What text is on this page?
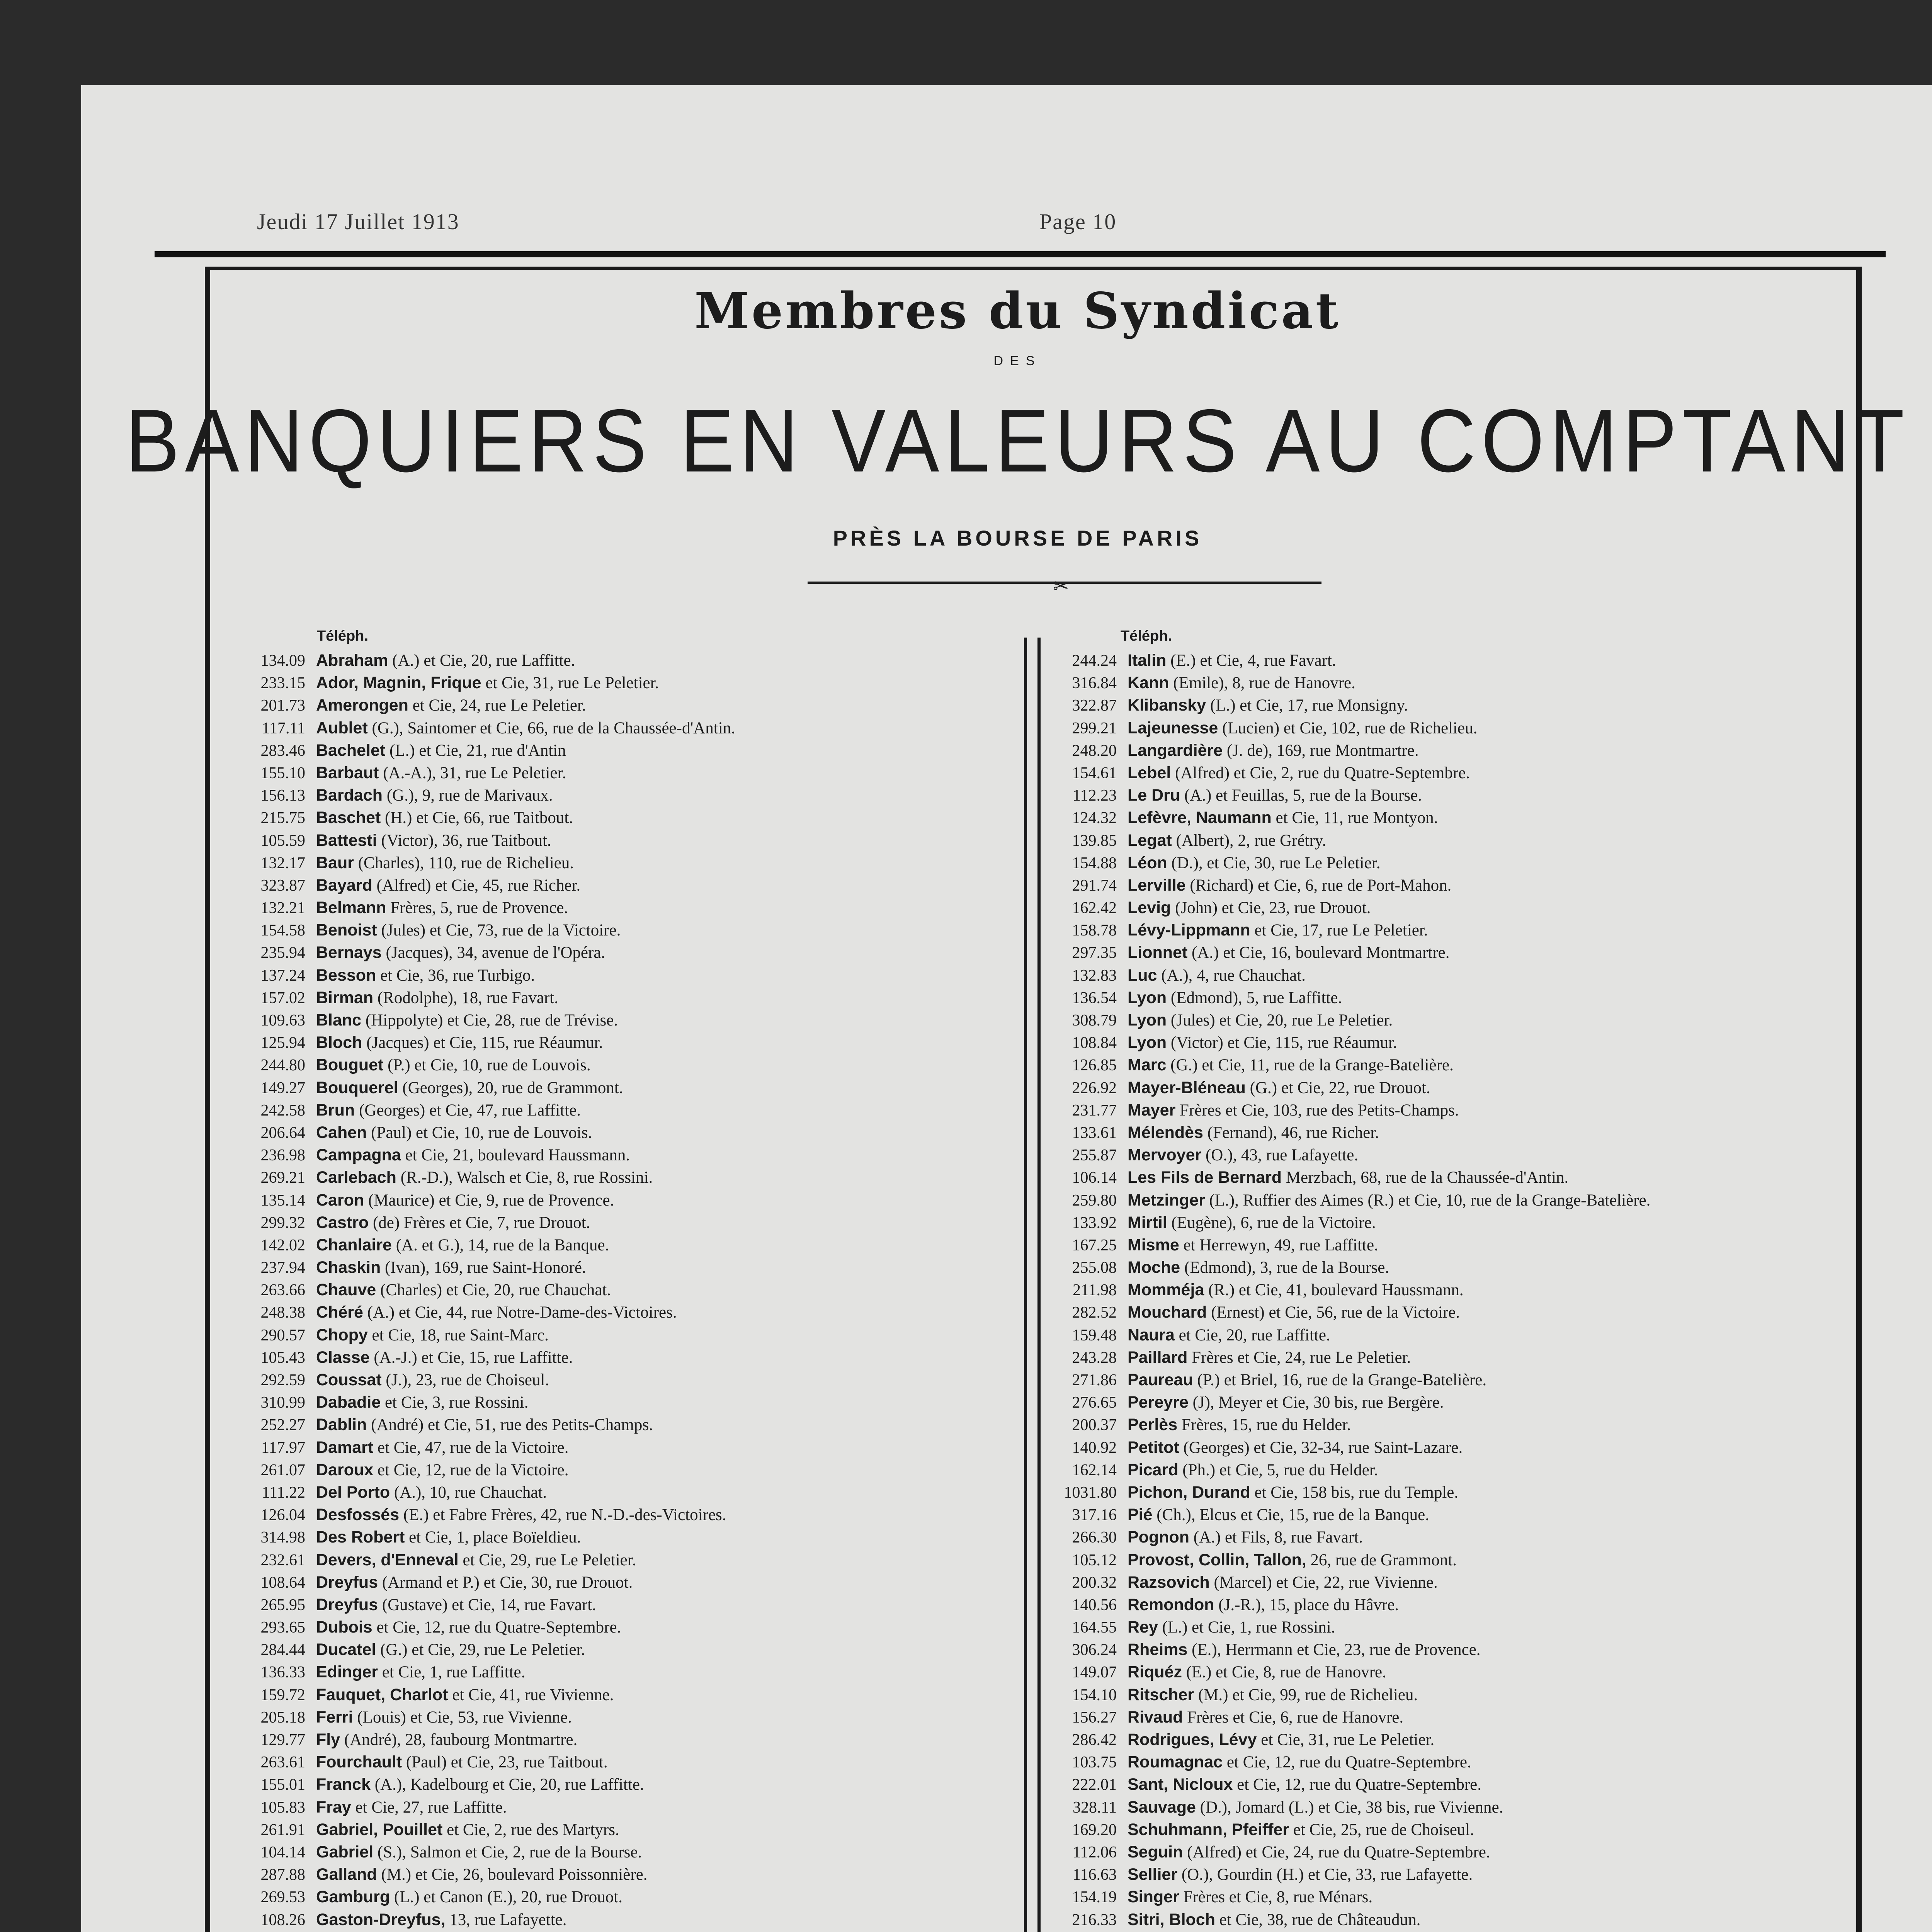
Jeudi 17 Juillet 1913	Page 10
Membres du Syndicat
DES
BANQUIERS EN VALEURS AU COMPTANT
PRÈS LA BOURSE DE PARIS
✂
Téléph.	Téléph.
134.09 Abraham (A.) et Cie, 20, rue Laffitte.
233.15 Ador, Magnin, Frique et Cie, 31, rue Le Peletier.
201.73 Amerongen et Cie, 24, rue Le Peletier.
117.11 Aublet (G.), Saintomer et Cie, 66, rue de la Chaussée-d'Antin.
283.46 Bachelet (L.) et Cie, 21, rue d'Antin
155.10 Barbaut (A.-A.), 31, rue Le Peletier.
156.13 Bardach (G.), 9, rue de Marivaux.
215.75 Baschet (H.) et Cie, 66, rue Taitbout.
105.59 Battesti (Victor), 36, rue Taitbout.
132.17 Baur (Charles), 110, rue de Richelieu.
323.87 Bayard (Alfred) et Cie, 45, rue Richer.
132.21 Belmann Frères, 5, rue de Provence.
154.58 Benoist (Jules) et Cie, 73, rue de la Victoire.
235.94 Bernays (Jacques), 34, avenue de l'Opéra.
137.24 Besson et Cie, 36, rue Turbigo.
157.02 Birman (Rodolphe), 18, rue Favart.
109.63 Blanc (Hippolyte) et Cie, 28, rue de Trévise.
125.94 Bloch (Jacques) et Cie, 115, rue Réaumur.
244.80 Bouguet (P.) et Cie, 10, rue de Louvois.
149.27 Bouquerel (Georges), 20, rue de Grammont.
242.58 Brun (Georges) et Cie, 47, rue Laffitte.
206.64 Cahen (Paul) et Cie, 10, rue de Louvois.
236.98 Campagna et Cie, 21, boulevard Haussmann.
269.21 Carlebach (R.-D.), Walsch et Cie, 8, rue Rossini.
135.14 Caron (Maurice) et Cie, 9, rue de Provence.
299.32 Castro (de) Frères et Cie, 7, rue Drouot.
142.02 Chanlaire (A. et G.), 14, rue de la Banque.
237.94 Chaskin (Ivan), 169, rue Saint-Honoré.
263.66 Chauve (Charles) et Cie, 20, rue Chauchat.
248.38 Chéré (A.) et Cie, 44, rue Notre-Dame-des-Victoires.
290.57 Chopy et Cie, 18, rue Saint-Marc.
105.43 Classe (A.-J.) et Cie, 15, rue Laffitte.
292.59 Coussat (J.), 23, rue de Choiseul.
310.99 Dabadie et Cie, 3, rue Rossini.
252.27 Dablin (André) et Cie, 51, rue des Petits-Champs.
117.97 Damart et Cie, 47, rue de la Victoire.
261.07 Daroux et Cie, 12, rue de la Victoire.
111.22 Del Porto (A.), 10, rue Chauchat.
126.04 Desfossés (E.) et Fabre Frères, 42, rue N.-D.-des-Victoires.
314.98 Des Robert et Cie, 1, place Boïeldieu.
232.61 Devers, d'Enneval et Cie, 29, rue Le Peletier.
108.64 Dreyfus (Armand et P.) et Cie, 30, rue Drouot.
265.95 Dreyfus (Gustave) et Cie, 14, rue Favart.
293.65 Dubois et Cie, 12, rue du Quatre-Septembre.
284.44 Ducatel (G.) et Cie, 29, rue Le Peletier.
136.33 Edinger et Cie, 1, rue Laffitte.
159.72 Fauquet, Charlot et Cie, 41, rue Vivienne.
205.18 Ferri (Louis) et Cie, 53, rue Vivienne.
129.77 Fly (André), 28, faubourg Montmartre.
263.61 Fourchault (Paul) et Cie, 23, rue Taitbout.
155.01 Franck (A.), Kadelbourg et Cie, 20, rue Laffitte.
105.83 Fray et Cie, 27, rue Laffitte.
261.91 Gabriel, Pouillet et Cie, 2, rue des Martyrs.
104.14 Gabriel (S.), Salmon et Cie, 2, rue de la Bourse.
287.88 Galland (M.) et Cie, 26, boulevard Poissonnière.
269.53 Gamburg (L.) et Canon (E.), 20, rue Drouot.
108.26 Gaston-Dreyfus, 13, rue Lafayette.
244.24 Italin (E.) et Cie, 4, rue Favart.
316.84 Kann (Emile), 8, rue de Hanovre.
322.87 Klibansky (L.) et Cie, 17, rue Monsigny.
299.21 Lajeunesse (Lucien) et Cie, 102, rue de Richelieu.
248.20 Langardière (J. de), 169, rue Montmartre.
154.61 Lebel (Alfred) et Cie, 2, rue du Quatre-Septembre.
112.23 Le Dru (A.) et Feuillas, 5, rue de la Bourse.
124.32 Lefèvre, Naumann et Cie, 11, rue Montyon.
139.85 Legat (Albert), 2, rue Grétry.
154.88 Léon (D.), et Cie, 30, rue Le Peletier.
291.74 Lerville (Richard) et Cie, 6, rue de Port-Mahon.
162.42 Levig (John) et Cie, 23, rue Drouot.
158.78 Lévy-Lippmann et Cie, 17, rue Le Peletier.
297.35 Lionnet (A.) et Cie, 16, boulevard Montmartre.
132.83 Luc (A.), 4, rue Chauchat.
136.54 Lyon (Edmond), 5, rue Laffitte.
308.79 Lyon (Jules) et Cie, 20, rue Le Peletier.
108.84 Lyon (Victor) et Cie, 115, rue Réaumur.
126.85 Marc (G.) et Cie, 11, rue de la Grange-Batelière.
226.92 Mayer-Bléneau (G.) et Cie, 22, rue Drouot.
231.77 Mayer Frères et Cie, 103, rue des Petits-Champs.
133.61 Mélendès (Fernand), 46, rue Richer.
255.87 Mervoyer (O.), 43, rue Lafayette.
106.14 Les Fils de Bernard Merzbach, 68, rue de la Chaussée-d'Antin.
259.80 Metzinger (L.), Ruffier des Aimes (R.) et Cie, 10, rue de la Grange-Batelière.
133.92 Mirtil (Eugène), 6, rue de la Victoire.
167.25 Misme et Herrewyn, 49, rue Laffitte.
255.08 Moche (Edmond), 3, rue de la Bourse.
211.98 Momméja (R.) et Cie, 41, boulevard Haussmann.
282.52 Mouchard (Ernest) et Cie, 56, rue de la Victoire.
159.48 Naura et Cie, 20, rue Laffitte.
243.28 Paillard Frères et Cie, 24, rue Le Peletier.
271.86 Paureau (P.) et Briel, 16, rue de la Grange-Batelière.
276.65 Pereyre (J), Meyer et Cie, 30 bis, rue Bergère.
200.37 Perlès Frères, 15, rue du Helder.
140.92 Petitot (Georges) et Cie, 32-34, rue Saint-Lazare.
162.14 Picard (Ph.) et Cie, 5, rue du Helder.
1031.80 Pichon, Durand et Cie, 158 bis, rue du Temple.
317.16 Pié (Ch.), Elcus et Cie, 15, rue de la Banque.
266.30 Pognon (A.) et Fils, 8, rue Favart.
105.12 Provost, Collin, Tallon, 26, rue de Grammont.
200.32 Razsovich (Marcel) et Cie, 22, rue Vivienne.
140.56 Remondon (J.-R.), 15, place du Hâvre.
164.55 Rey (L.) et Cie, 1, rue Rossini.
306.24 Rheims (E.), Herrmann et Cie, 23, rue de Provence.
149.07 Riquéz (E.) et Cie, 8, rue de Hanovre.
154.10 Ritscher (M.) et Cie, 99, rue de Richelieu.
156.27 Rivaud Frères et Cie, 6, rue de Hanovre.
286.42 Rodrigues, Lévy et Cie, 31, rue Le Peletier.
103.75 Roumagnac et Cie, 12, rue du Quatre-Septembre.
222.01 Sant, Nicloux et Cie, 12, rue du Quatre-Septembre.
328.11 Sauvage (D.), Jomard (L.) et Cie, 38 bis, rue Vivienne.
169.20 Schuhmann, Pfeiffer et Cie, 25, rue de Choiseul.
112.06 Seguin (Alfred) et Cie, 24, rue du Quatre-Septembre.
116.63 Sellier (O.), Gourdin (H.) et Cie, 33, rue Lafayette.
154.19 Singer Frères et Cie, 8, rue Ménars.
216.33 Sitri, Bloch et Cie, 38, rue de Châteaudun.
